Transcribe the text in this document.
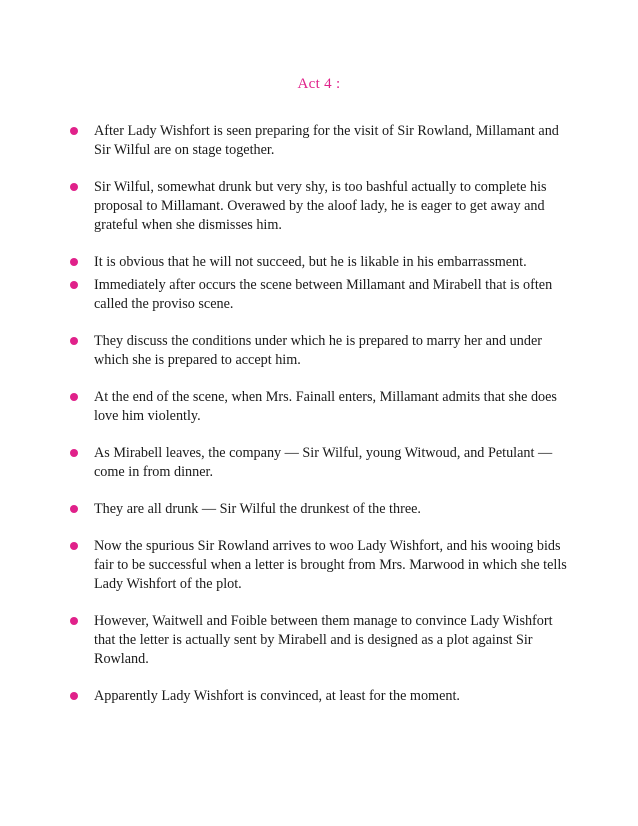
Act 4 :
After Lady Wishfort is seen preparing for the visit of Sir Rowland, Millamant and Sir Wilful are on stage together.
Sir Wilful, somewhat drunk but very shy, is too bashful actually to complete his proposal to Millamant. Overawed by the aloof lady, he is eager to get away and grateful when she dismisses him.
It is obvious that he will not succeed, but he is likable in his embarrassment.
Immediately after occurs the scene between Millamant and Mirabell that is often called the proviso scene.
They discuss the conditions under which he is prepared to marry her and under which she is prepared to accept him.
At the end of the scene, when Mrs. Fainall enters, Millamant admits that she does love him violently.
As Mirabell leaves, the company — Sir Wilful, young Witwoud, and Petulant — come in from dinner.
They are all drunk — Sir Wilful the drunkest of the three.
Now the spurious Sir Rowland arrives to woo Lady Wishfort, and his wooing bids fair to be successful when a letter is brought from Mrs. Marwood in which she tells Lady Wishfort of the plot.
However, Waitwell and Foible between them manage to convince Lady Wishfort that the letter is actually sent by Mirabell and is designed as a plot against Sir Rowland.
Apparently Lady Wishfort is convinced, at least for the moment.
